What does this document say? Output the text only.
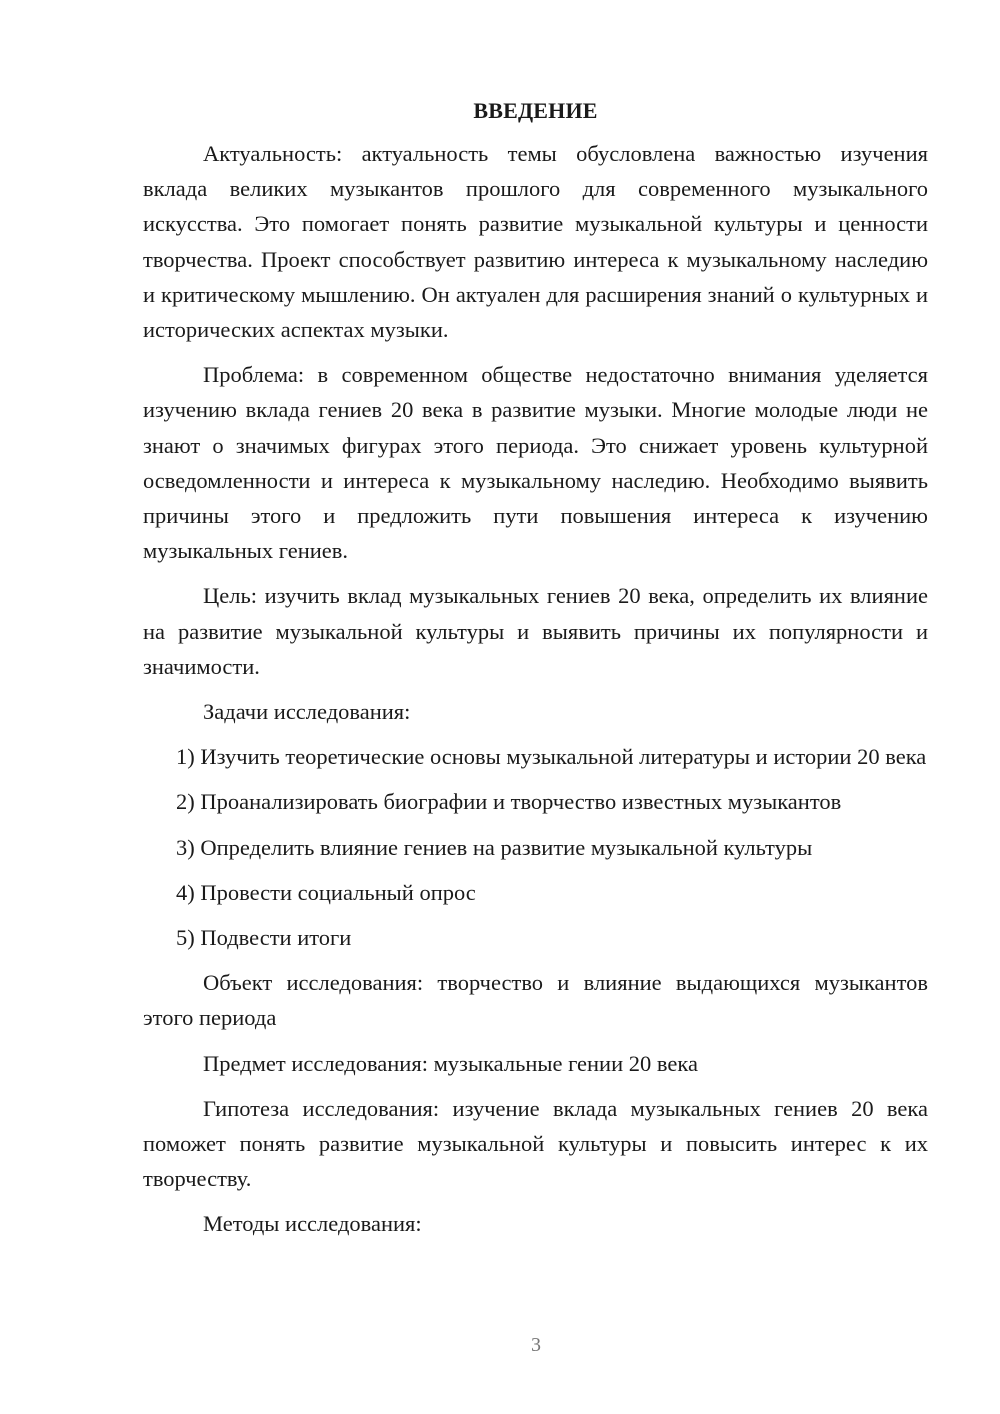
ВВЕДЕНИЕ

Актуальность: актуальность темы обусловлена важностью изучения вклада великих музыкантов прошлого для современного музыкального искусства. Это помогает понять развитие музыкальной культуры и ценности творчества. Проект способствует развитию интереса к музыкальному наследию и критическому мышлению. Он актуален для расширения знаний о культурных и исторических аспектах музыки.

Проблема: в современном обществе недостаточно внимания уделяется изучению вклада гениев 20 века в развитие музыки. Многие молодые люди не знают о значимых фигурах этого периода. Это снижает уровень культурной осведомленности и интереса к музыкальному наследию. Необходимо выявить причины этого и предложить пути повышения интереса к изучению музыкальных гениев.

Цель: изучить вклад музыкальных гениев 20 века, определить их влияние на развитие музыкальной культуры и выявить причины их популярности и значимости.

Задачи исследования:

1) Изучить теоретические основы музыкальной литературы и истории 20 века

2) Проанализировать биографии и творчество известных музыкантов

3) Определить влияние гениев на развитие музыкальной культуры

4) Провести социальный опрос

5) Подвести итоги

Объект исследования: творчество и влияние выдающихся музыкантов этого периода

Предмет исследования: музыкальные гении 20 века

Гипотеза исследования: изучение вклада музыкальных гениев 20 века поможет понять развитие музыкальной культуры и повысить интерес к их творчеству.

Методы исследования:

3
